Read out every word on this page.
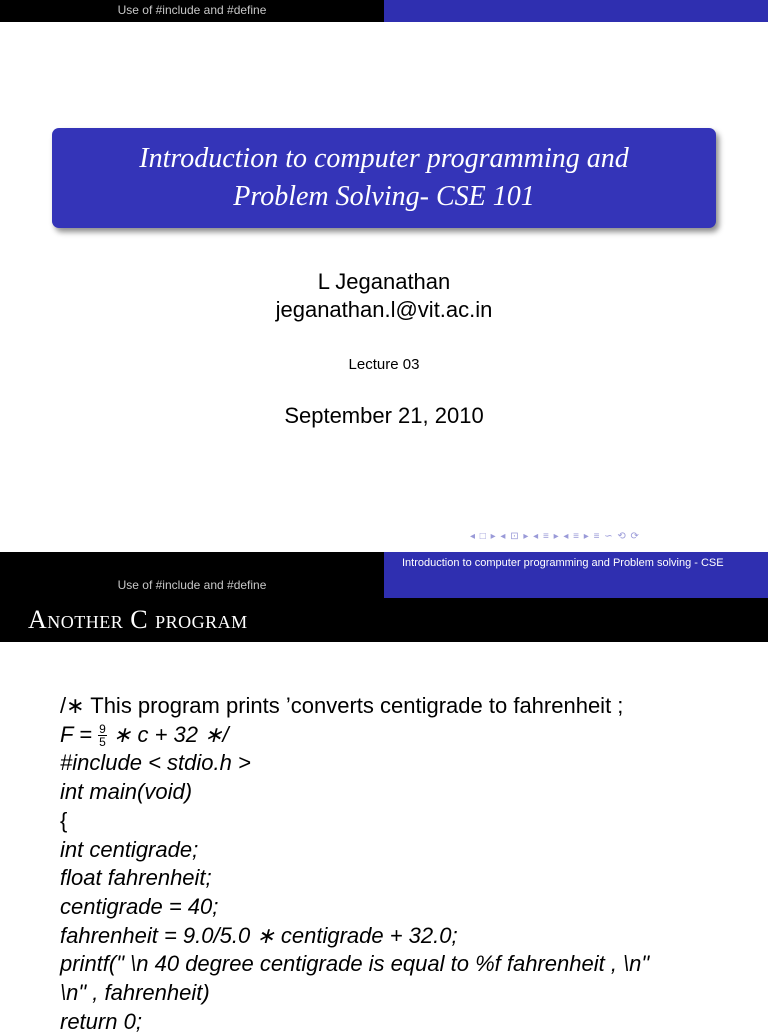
Use of #include and #define
Introduction to computer programming and
Problem Solving- CSE 101
L Jeganathan
jeganathan.l@vit.ac.in
Lecture 03
September 21, 2010
◂ □ ▸ ◂ ⊡ ▸ ◂ ≡ ▸ ◂ ≡ ▸ ≡ ∽ ⟲ ⟳
Introduction to computer programming and Problem solving - CSE
Use of #include and #define
Another C program
/∗ This program prints ’converts centigrade to fahrenheit ;
$F = \frac{9}{5}$ ∗ c + 32 ∗/
#include < stdio.h >
int main(void)
{
int centigrade;
float fahrenheit;
centigrade = 40;
fahrenheit = 9.0/5.0 ∗ centigrade + 32.0;
printf(" \n 40 degree centigrade is equal to %f fahrenheit , \n"
\n" , fahrenheit)
return 0;
